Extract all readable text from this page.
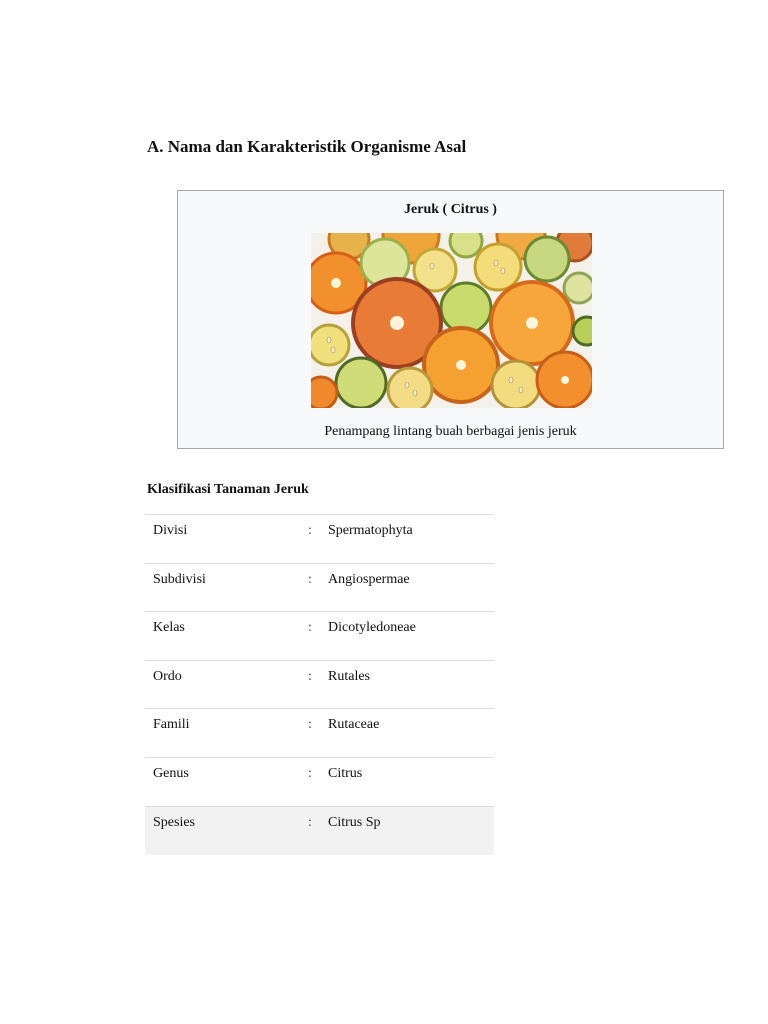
A. Nama dan Karakteristik Organisme Asal
Jeruk ( Citrus )
Penampang lintang buah berbagai jenis jeruk
Klasifikasi Tanaman Jeruk
Divisi	:	Spermatophyta
Subdivisi	:	Angiospermae
Kelas	:	Dicotyledoneae
Ordo	:	Rutales
Famili	:	Rutaceae
Genus	:	Citrus
Spesies	:	Citrus Sp
